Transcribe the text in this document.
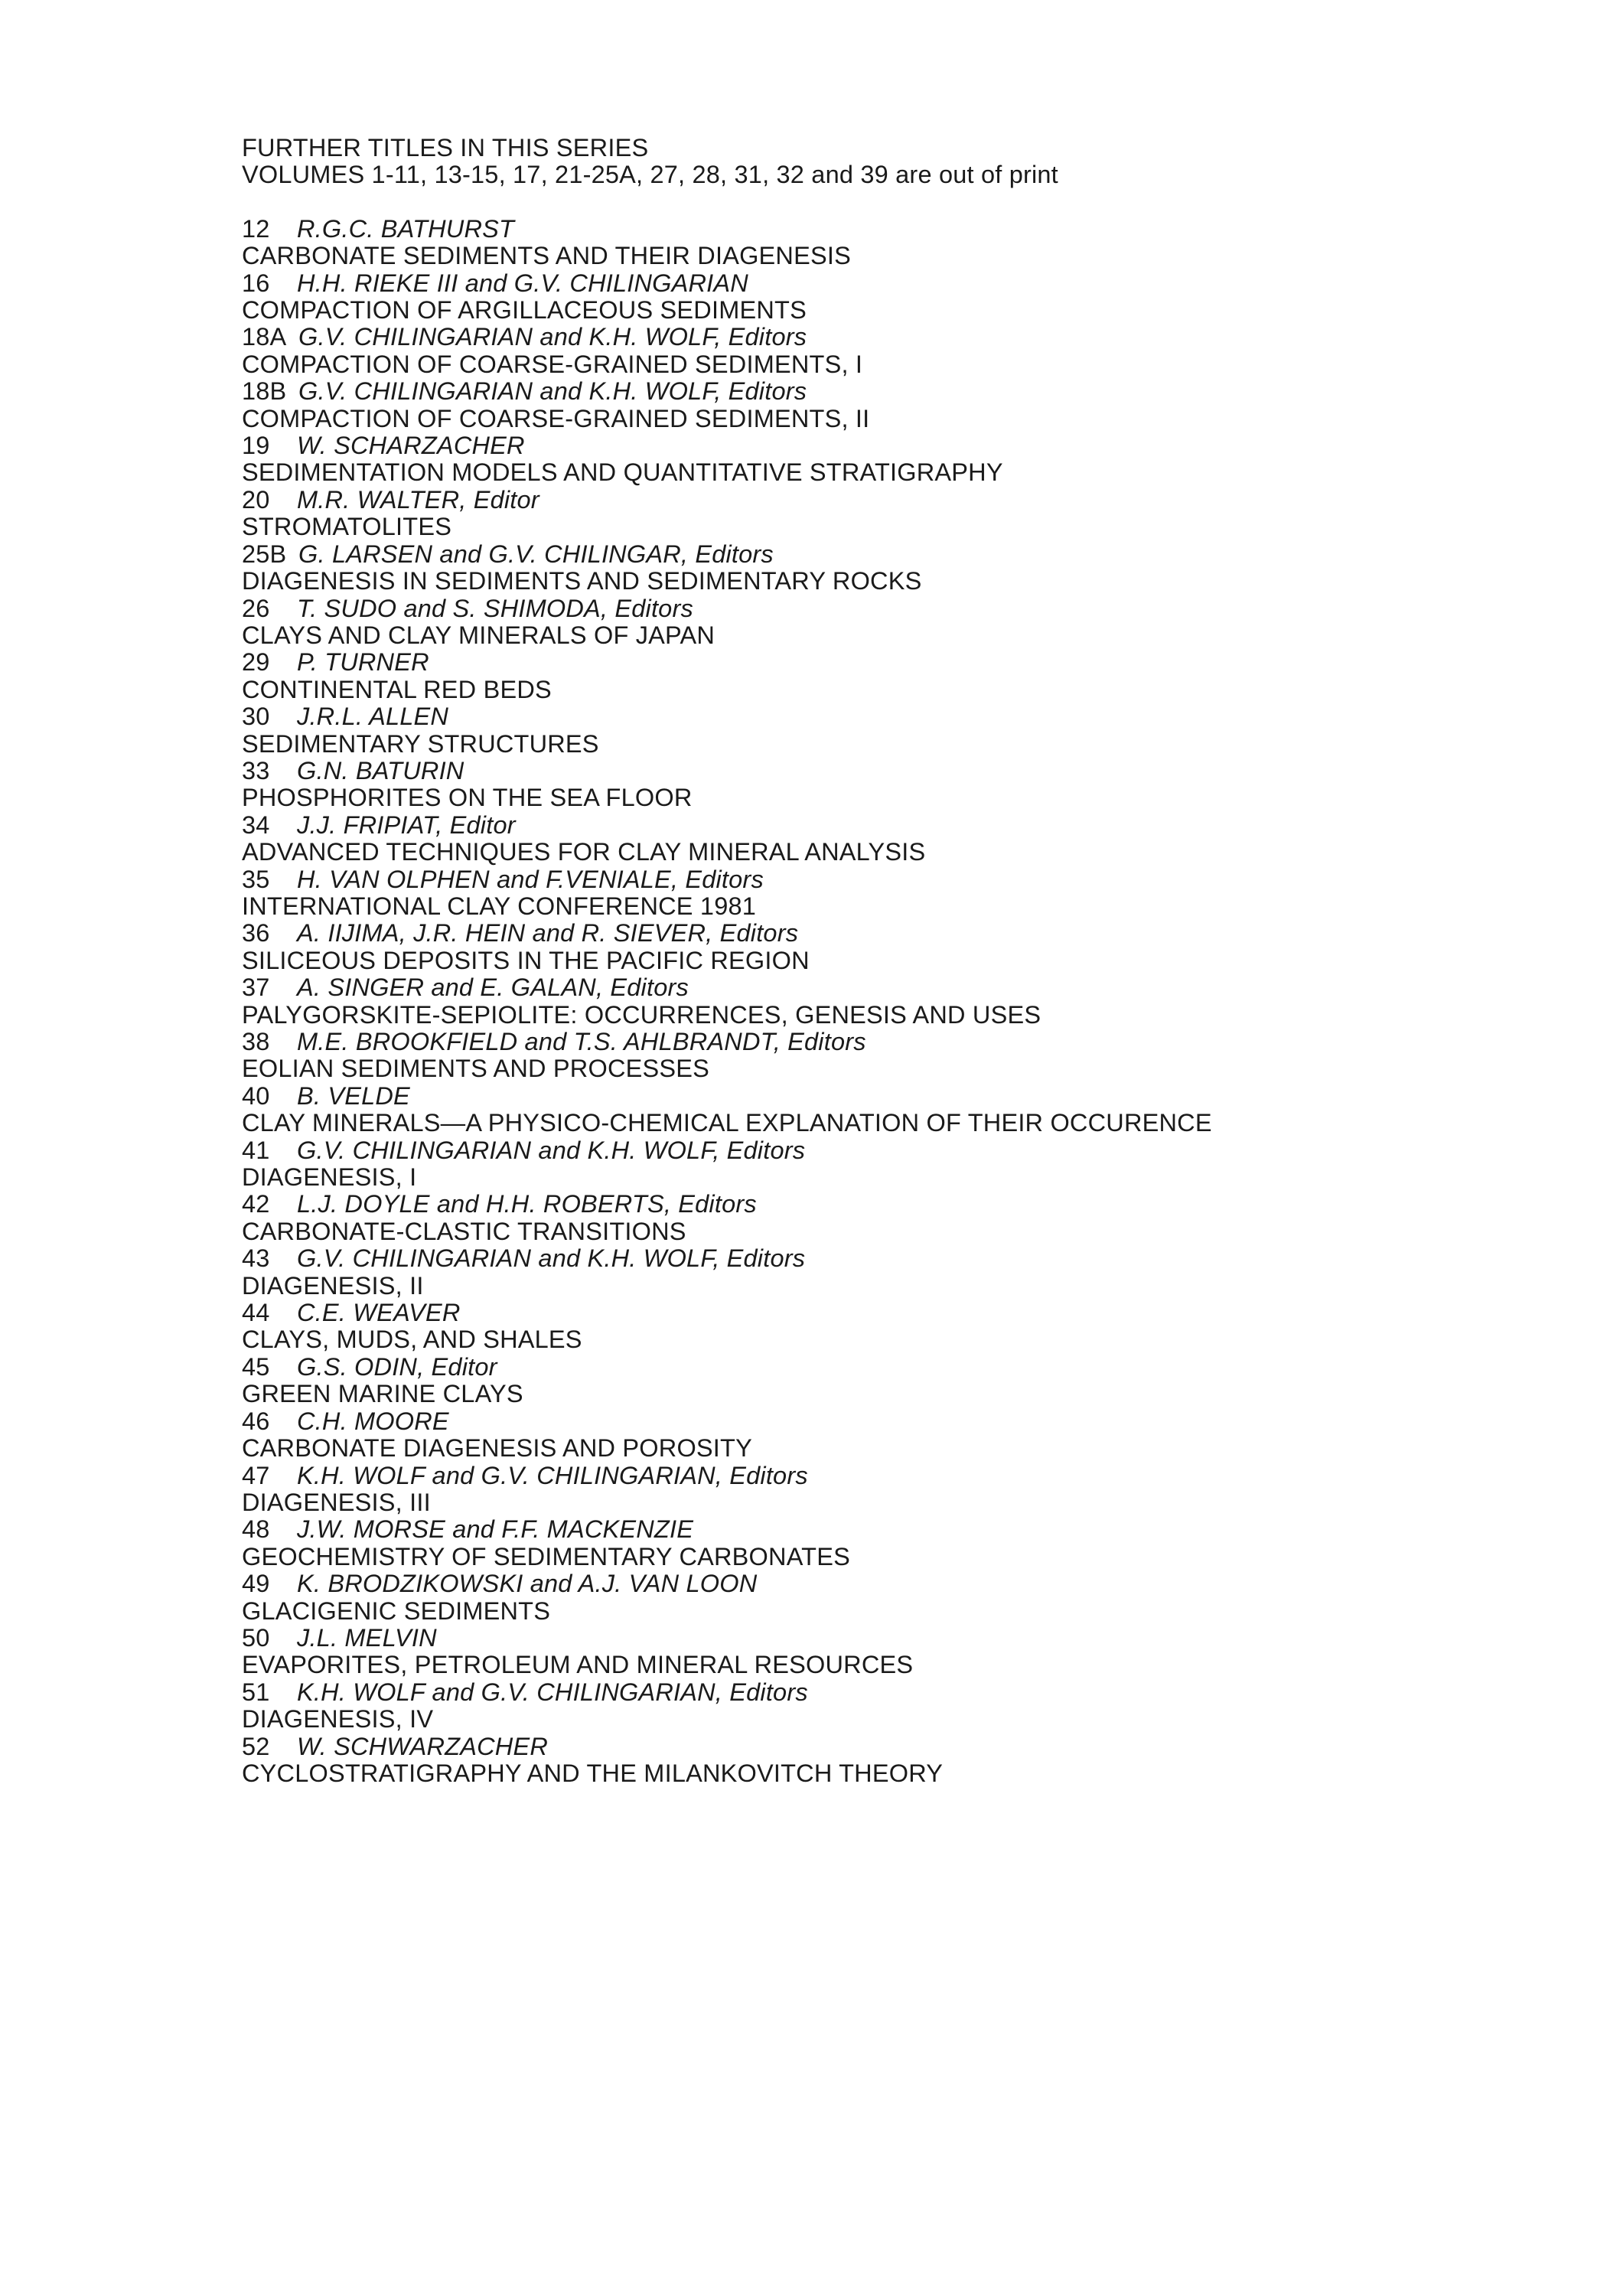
FURTHER TITLES IN THIS SERIES
VOLUMES 1-11, 13-15, 17, 21-25A, 27, 28, 31, 32 and 39 are out of print
12	R.G.C. BATHURST
CARBONATE SEDIMENTS AND THEIR DIAGENESIS
16	H.H. RIEKE III and G.V. CHILINGARIAN
COMPACTION OF ARGILLACEOUS SEDIMENTS
18A G.V. CHILINGARIAN and K.H. WOLF, Editors
COMPACTION OF COARSE-GRAINED SEDIMENTS, I
18B G.V. CHILINGARIAN and K.H. WOLF, Editors
COMPACTION OF COARSE-GRAINED SEDIMENTS, II
19	W. SCHARZACHER
SEDIMENTATION MODELS AND QUANTITATIVE STRATIGRAPHY
20	M.R. WALTER, Editor
STROMATOLITES
25B G. LARSEN and G.V. CHILINGAR, Editors
DIAGENESIS IN SEDIMENTS AND SEDIMENTARY ROCKS
26	T. SUDO and S. SHIMODA, Editors
CLAYS AND CLAY MINERALS OF JAPAN
29	P. TURNER
CONTINENTAL RED BEDS
30	J.R.L. ALLEN
SEDIMENTARY STRUCTURES
33	G.N. BATURIN
PHOSPHORITES ON THE SEA FLOOR
34	J.J. FRIPIAT, Editor
ADVANCED TECHNIQUES FOR CLAY MINERAL ANALYSIS
35	H. VAN OLPHEN and F.VENIALE, Editors
INTERNATIONAL CLAY CONFERENCE 1981
36	A. IIJIMA, J.R. HEIN and R. SIEVER, Editors
SILICEOUS DEPOSITS IN THE PACIFIC REGION
37	A. SINGER and E. GALAN, Editors
PALYGORSKITE-SEPIOLITE: OCCURRENCES, GENESIS AND USES
38	M.E. BROOKFIELD and T.S. AHLBRANDT, Editors
EOLIAN SEDIMENTS AND PROCESSES
40	B. VELDE
CLAY MINERALS—A PHYSICO-CHEMICAL EXPLANATION OF THEIR OCCURENCE
41	G.V. CHILINGARIAN and K.H. WOLF, Editors
DIAGENESIS, I
42	L.J. DOYLE and H.H. ROBERTS, Editors
CARBONATE-CLASTIC TRANSITIONS
43	G.V. CHILINGARIAN and K.H. WOLF, Editors
DIAGENESIS, II
44	C.E. WEAVER
CLAYS, MUDS, AND SHALES
45	G.S. ODIN, Editor
GREEN MARINE CLAYS
46	C.H. MOORE
CARBONATE DIAGENESIS AND POROSITY
47	K.H. WOLF and G.V. CHILINGARIAN, Editors
DIAGENESIS, III
48	J.W. MORSE and F.F. MACKENZIE
GEOCHEMISTRY OF SEDIMENTARY CARBONATES
49	K. BRODZIKOWSKI and A.J. VAN LOON
GLACIGENIC SEDIMENTS
50	J.L. MELVIN
EVAPORITES, PETROLEUM AND MINERAL RESOURCES
51	K.H. WOLF and G.V. CHILINGARIAN, Editors
DIAGENESIS, IV
52	W. SCHWARZACHER
CYCLOSTRATIGRAPHY AND THE MILANKOVITCH THEORY
